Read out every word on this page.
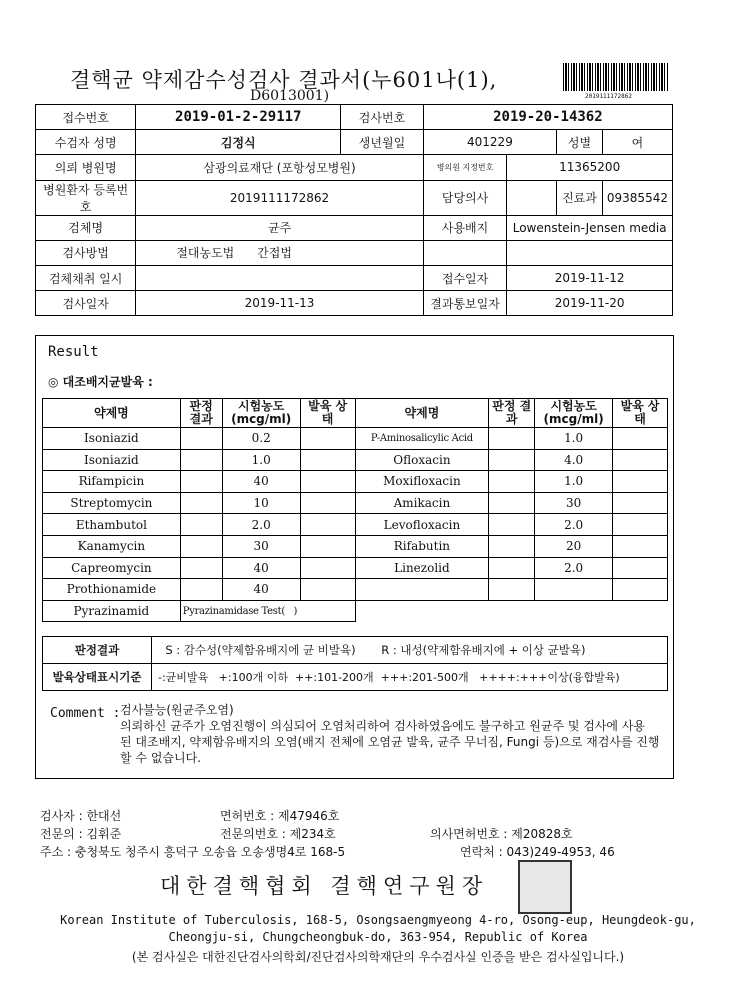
결핵균 약제감수성검사 결과서(누601나(1),
D6013001)	2019111172862
접수번호	2019-01-2-29117	검사번호	2019-20-14362			
수검자 성명	김정식	생년월일	401229		성별	여
의뢰 병원명	삼광의료재단 (포항성모병원)		병의원 지정번호	11365200		
병원환자 등록번호	2019111172862		담당의사		진료과	09385542
검체명	균주		사용배지	Lowenstein-Jensen media		
검사방법	절대농도법 간접법					
검체채취 일시			접수일자	2019-11-12		
검사일자	2019-11-13		결과통보일자	2019-11-20		
Result
◎ 대조배지균발육 :
약제명	판정 결과	시험농도 (mcg/ml)	발육 상태	약제명	판정 결과	시험농도 (mcg/ml)	발육 상태
Isoniazid		0.2		P-Aminosalicylic Acid		1.0	
Isoniazid		1.0		Ofloxacin		4.0	
Rifampicin		40		Moxifloxacin		1.0	
Streptomycin		10		Amikacin		30	
Ethambutol		2.0		Levofloxacin		2.0	
Kanamycin		30		Rifabutin		20	
Capreomycin		40		Linezolid		2.0	
Prothionamide		40					
Pyrazinamid	Pyrazinamidase Test(   )						
판정결과	S : 감수성(약제함유배지에 균 비발육) R : 내성(약제함유배지에 + 이상 균발육)
발육상태표시기준	-:균비발육   +:100개 이하  ++:101-200개  +++:201-500개   ++++:+++이상(융합발육)
Comment : 검사불능(원균주오염)
의뢰하신 균주가 오염진행이 의심되어 오염처리하여 검사하였음에도 불구하고 원균주 및 검사에 사용 된 대조배지, 약제함유배지의 오염(배지 전체에 오염균 발육, 균주 무너짐, Fungi 등)으로 재검사를 진행할 수 없습니다.
검사자 : 한대선	면허번호 : 제47946호
전문의 : 김휘준	전문의번호 : 제234호	의사면허번호 : 제20828호
주소 : 충청북도 청주시 흥덕구 오송읍 오송생명4로 168-5	연락처 : 043)249-4953, 46
대한결핵협회 결핵연구원장
Korean Institute of Tuberculosis, 168-5, Osongsaengmyeong 4-ro, Osong-eup, Heungdeok-gu,
Cheongju-si, Chungcheongbuk-do, 363-954, Republic of Korea
(본 검사실은 대한진단검사의학회/진단검사의학재단의 우수검사실 인증을 받은 검사실입니다.)
